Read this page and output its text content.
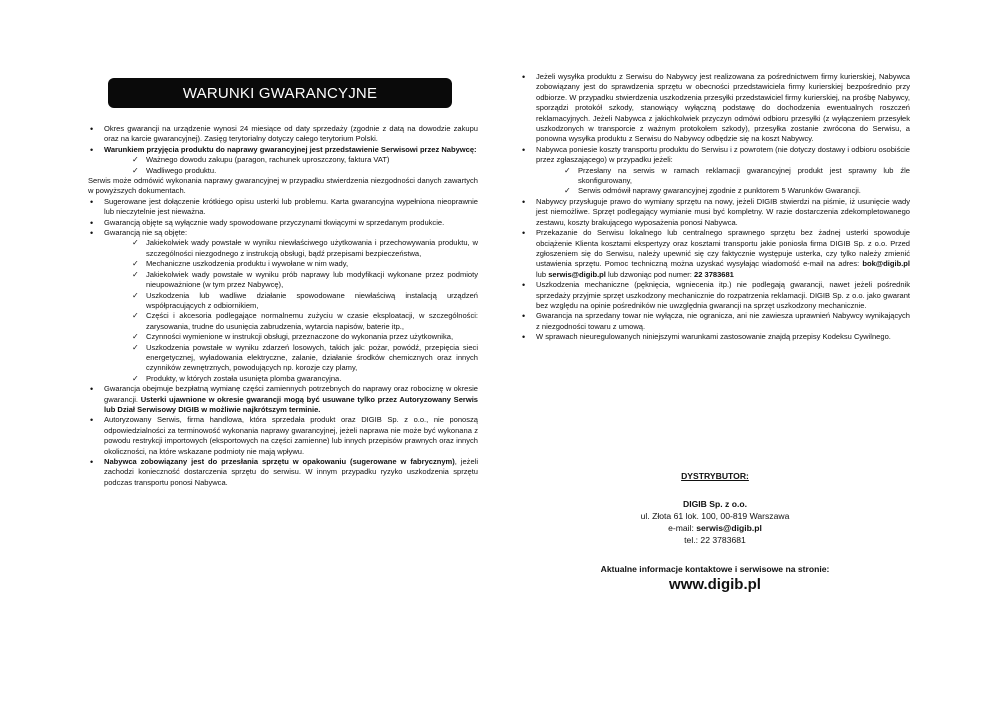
WARUNKI GWARANCYJNE
• Okres gwarancji na urządzenie wynosi 24 miesiące od daty sprzedaży (zgodnie z datą na dowodzie zakupu oraz na karcie gwarancyjnej). Zasięg terytorialny dotyczy całego terytorium Polski.
• Warunkiem przyjęcia produktu do naprawy gwarancyjnej jest przedstawienie Serwisowi przez Nabywcę:
✓ Ważnego dowodu zakupu (paragon, rachunek uproszczony, faktura VAT)
✓ Wadliwego produktu.
Serwis może odmówić wykonania naprawy gwarancyjnej w przypadku stwierdzenia niezgodności danych zawartych w powyższych dokumentach.
• Sugerowane jest dołączenie krótkiego opisu usterki lub problemu. Karta gwarancyjna wypełniona nieoprawnie lub nieczytelnie jest nieważna.
• Gwarancją objęte są wyłącznie wady spowodowane przyczynami tkwiącymi w sprzedanym produkcie.
• Gwarancją nie są objęte:
✓ Jakiekolwiek wady powstałe w wyniku niewłaściwego użytkowania i przechowywania produktu, w szczególności niezgodnego z instrukcją obsługi, bądź przepisami bezpieczeństwa,
✓ Mechaniczne uszkodzenia produktu i wywołane w nim wady,
✓ Jakiekolwiek wady powstałe w wyniku prób naprawy lub modyfikacji wykonane przez podmioty nieupoważnione (w tym przez Nabywcę),
✓ Uszkodzenia lub wadliwe działanie spowodowane niewłaściwą instalacją urządzeń współpracujących z odbiornikiem,
✓ Części i akcesoria podlegające normalnemu zużyciu w czasie eksploatacji, w szczególności: zarysowania, trudne do usunięcia zabrudzenia, wytarcia napisów, baterie itp.,
✓ Czynności wymienione w instrukcji obsługi, przeznaczone do wykonania przez użytkownika,
✓ Uszkodzenia powstałe w wyniku zdarzeń losowych, takich jak: pożar, powódź, przepięcia sieci energetycznej, wyładowania elektryczne, zalanie, działanie środków chemicznych oraz innych czynników zewnętrznych, powodujących np. korozje czy plamy,
✓ Produkty, w których została usunięta plomba gwarancyjna.
• Gwarancja obejmuje bezpłatną wymianę części zamiennych potrzebnych do naprawy oraz robociznę w okresie gwarancji. Usterki ujawnione w okresie gwarancji mogą być usuwane tylko przez Autoryzowany Serwis lub Dział Serwisowy DIGIB w możliwie najkrótszym terminie.
• Autoryzowany Serwis, firma handlowa, która sprzedała produkt oraz DIGIB Sp. z o.o., nie ponoszą odpowiedzialności za terminowość wykonania naprawy gwarancyjnej, jeżeli naprawa nie może być wykonana z powodu restrykcji importowych (eksportowych na części zamienne) lub innych przepisów prawnych oraz innych okoliczności, na które wskazane podmioty nie mają wpływu.
• Nabywca zobowiązany jest do przesłania sprzętu w opakowaniu (sugerowane w fabrycznym), jeżeli zachodzi konieczność dostarczenia sprzętu do serwisu. W innym przypadku ryzyko uszkodzenia sprzętu podczas transportu ponosi Nabywca.
• Jeżeli wysyłka produktu z Serwisu do Nabywcy jest realizowana za pośrednictwem firmy kurierskiej, Nabywca zobowiązany jest do sprawdzenia sprzętu w obecności przedstawiciela firmy kurierskiej bezpośrednio przy odbiorze. W przypadku stwierdzenia uszkodzenia przesyłki przedstawiciel firmy kurierskiej, na prośbę Nabywcy, sporządzi protokół szkody, stanowiący wyłączną podstawę do dochodzenia ewentualnych roszczeń reklamacyjnych. Jeżeli Nabywca z jakichkolwiek przyczyn odmówi odbioru przesyłki (z wyłączeniem przesyłek uszkodzonych w transporcie z ważnym protokołem szkody), przesyłka zostanie zwrócona do Serwisu, a ponowna wysyłka produktu z Serwisu do Nabywcy odbędzie się na koszt Nabywcy.
• Nabywca poniesie koszty transportu produktu do Serwisu i z powrotem (nie dotyczy dostawy i odbioru osobiście przez zgłaszającego) w przypadku jeżeli:
✓ Przesłany na serwis w ramach reklamacji gwarancyjnej produkt jest sprawny lub źle skonfigurowany,
✓ Serwis odmówił naprawy gwarancyjnej zgodnie z punktorem 5 Warunków Gwarancji.
• Nabywcy przysługuje prawo do wymiany sprzętu na nowy, jeżeli DIGIB stwierdzi na piśmie, iż usunięcie wady jest niemożliwe. Sprzęt podlegający wymianie musi być kompletny. W razie dostarczenia zdekompletowanego zestawu, koszty brakującego wyposażenia ponosi Nabywca.
• Przekazanie do Serwisu lokalnego lub centralnego sprawnego sprzętu bez żadnej usterki spowoduje obciążenie Klienta kosztami ekspertyzy oraz kosztami transportu jakie poniosła firma DIGIB Sp. z o.o. Przed zgłoszeniem się do Serwisu, należy upewnić się czy faktycznie występuje usterka, czy tylko należy zmienić ustawienia sprzętu. Pomoc techniczną można uzyskać wysyłając wiadomość e-mail na adres: bok@digib.pl lub serwis@digib.pl lub dzwoniąc pod numer: 22 3783681
• Uszkodzenia mechaniczne (pęknięcia, wgniecenia itp.) nie podlegają gwarancji, nawet jeżeli pośrednik sprzedaży przyjmie sprzęt uszkodzony mechanicznie do rozpatrzenia reklamacji. DIGIB Sp. z o.o. jako gwarant bez względu na opinie pośredników nie uwzględnia gwarancji na sprzęt uszkodzony mechanicznie.
• Gwarancja na sprzedany towar nie wyłącza, nie ogranicza, ani nie zawiesza uprawnień Nabywcy wynikających z niezgodności towaru z umową.
• W sprawach nieuregulowanych niniejszymi warunkami zastosowanie znajdą przepisy Kodeksu Cywilnego.
DYSTRYBUTOR:
DIGIB Sp. z o.o.
ul. Złota 61 lok. 100, 00-819 Warszawa
e-mail: serwis@digib.pl
tel.: 22 3783681
Aktualne informacje kontaktowe i serwisowe na stronie:
www.digib.pl
